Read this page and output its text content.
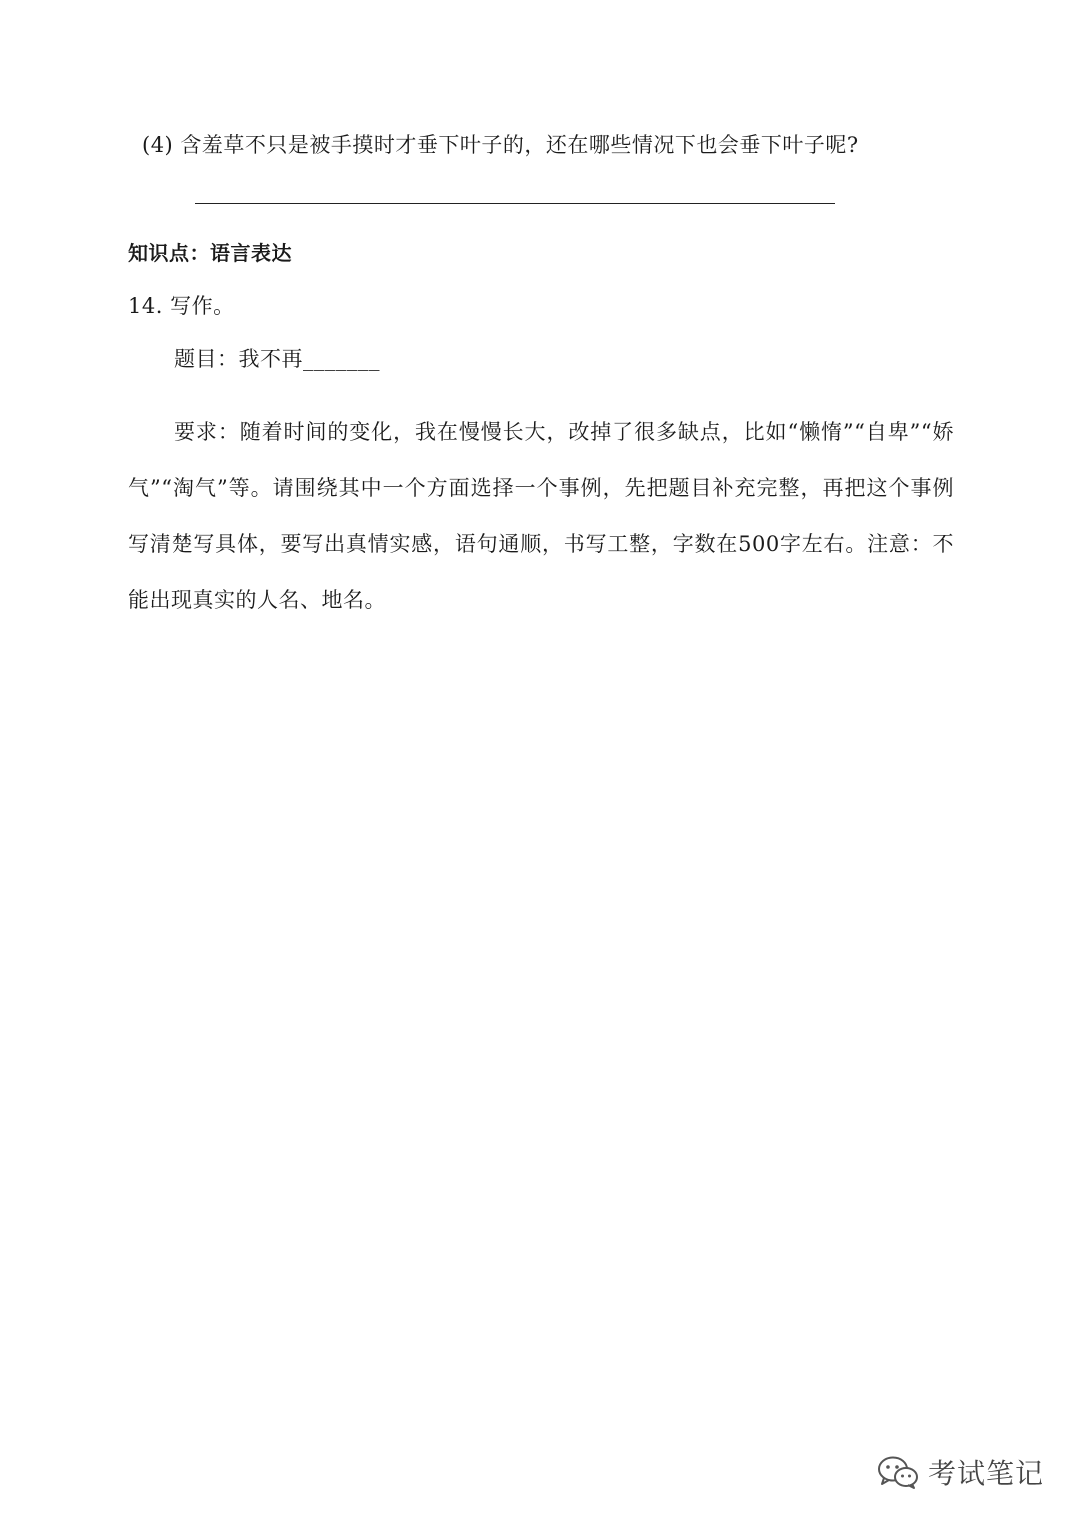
(4) 含羞草不只是被手摸时才垂下叶子的，还在哪些情况下也会垂下叶子呢?
知识点：语言表达
14. 写作。
题目：我不再_______
要求：随着时间的变化，我在慢慢长大，改掉了很多缺点，比如“懒惰”“自卑”“娇气”“淘气”等。请围绕其中一个方面选择一个事例，先把题目补充完整，再把这个事例写清楚写具体，要写出真情实感，语句通顺，书写工整，字数在500字左右。注意：不能出现真实的人名、地名。
考试笔记
